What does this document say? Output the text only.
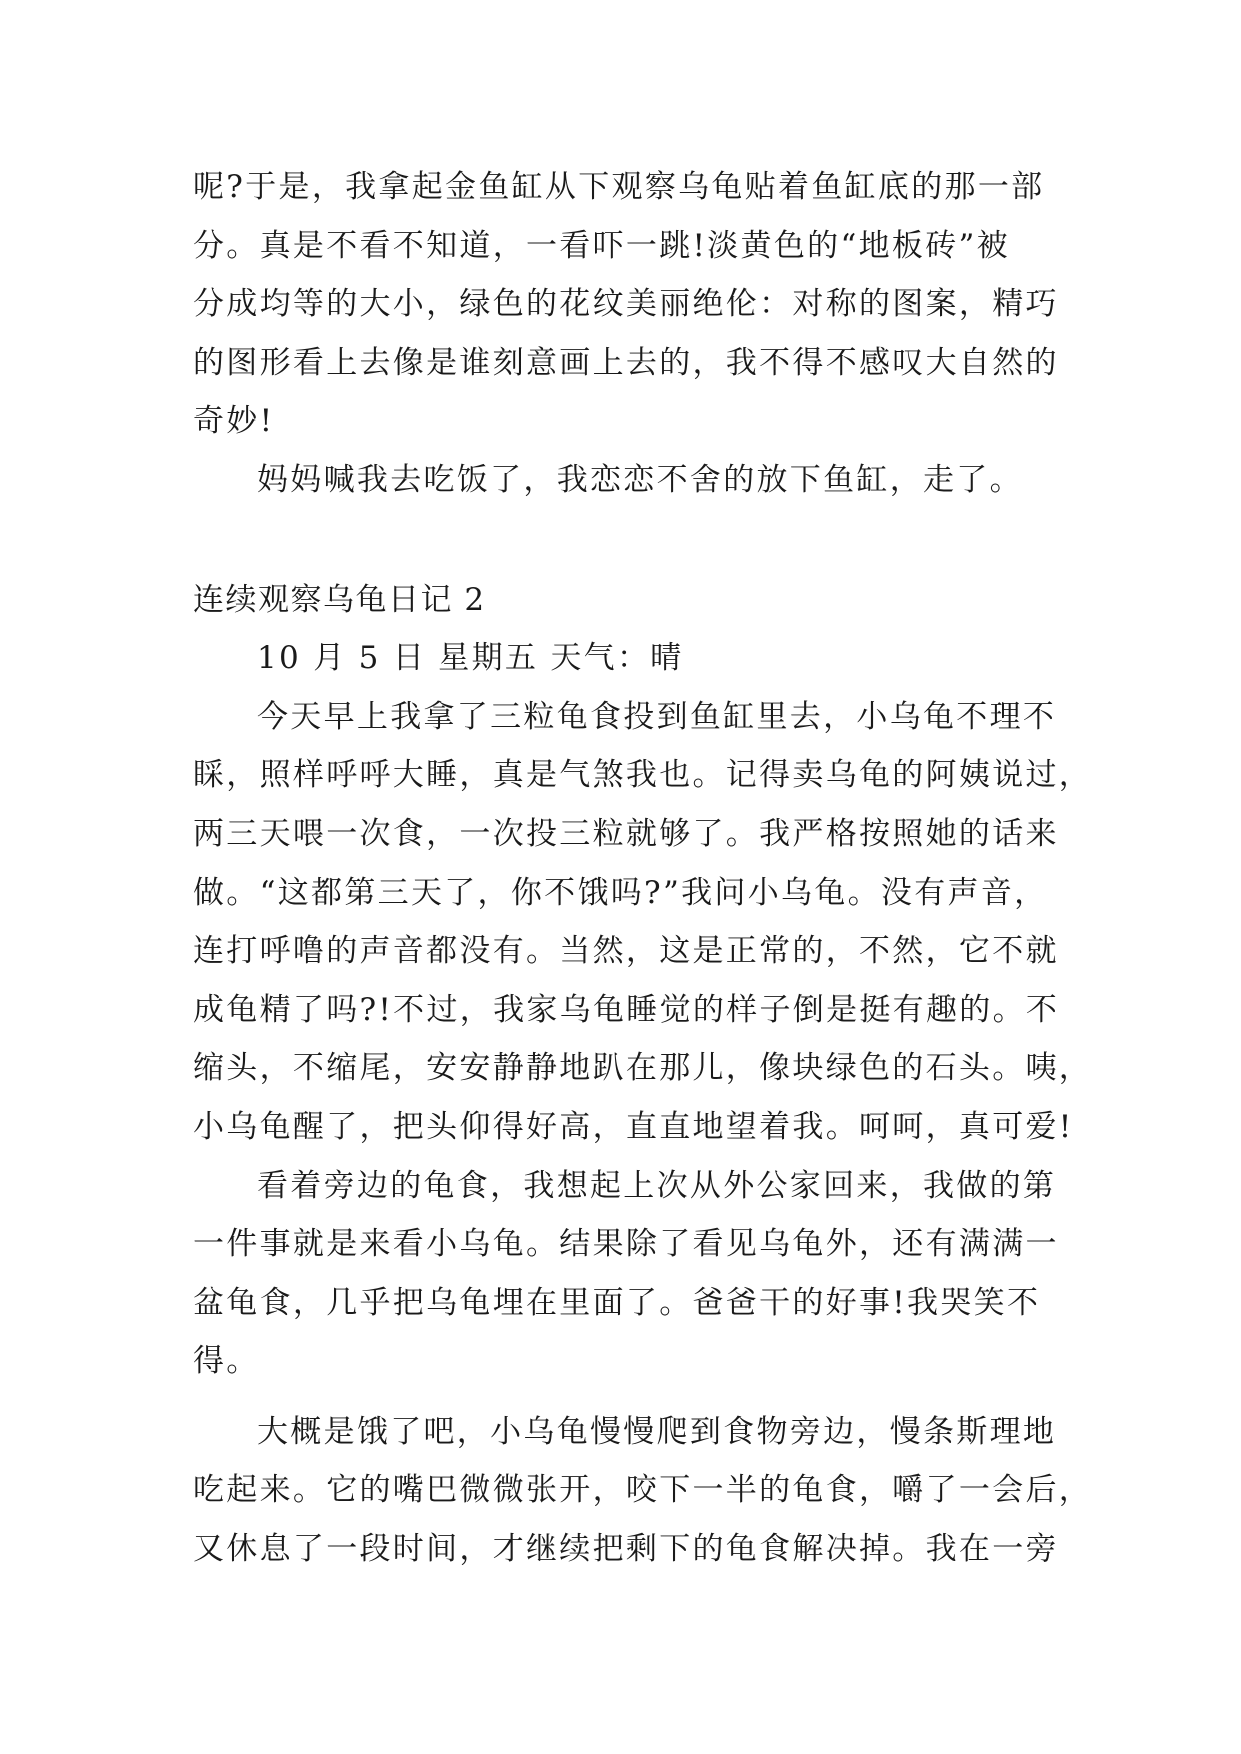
呢?于是，我拿起金鱼缸从下观察乌龟贴着鱼缸底的那一部

分。真是不看不知道，一看吓一跳!淡黄色的“地板砖”被

分成均等的大小，绿色的花纹美丽绝伦：对称的图案，精巧

的图形看上去像是谁刻意画上去的，我不得不感叹大自然的

奇妙!

妈妈喊我去吃饭了，我恋恋不舍的放下鱼缸，走了。

连续观察乌龟日记 2

10 月 5 日 星期五 天气：晴

今天早上我拿了三粒龟食投到鱼缸里去，小乌龟不理不

睬，照样呼呼大睡，真是气煞我也。记得卖乌龟的阿姨说过，

两三天喂一次食，一次投三粒就够了。我严格按照她的话来

做。“这都第三天了，你不饿吗?”我问小乌龟。没有声音，

连打呼噜的声音都没有。当然，这是正常的，不然，它不就

成龟精了吗?!不过，我家乌龟睡觉的样子倒是挺有趣的。不

缩头，不缩尾，安安静静地趴在那儿，像块绿色的石头。咦，

小乌龟醒了，把头仰得好高，直直地望着我。呵呵，真可爱!

看着旁边的龟食，我想起上次从外公家回来，我做的第

一件事就是来看小乌龟。结果除了看见乌龟外，还有满满一

盆龟食，几乎把乌龟埋在里面了。爸爸干的好事!我哭笑不

得。

大概是饿了吧，小乌龟慢慢爬到食物旁边，慢条斯理地

吃起来。它的嘴巴微微张开，咬下一半的龟食，嚼了一会后，

又休息了一段时间，才继续把剩下的龟食解决掉。我在一旁
